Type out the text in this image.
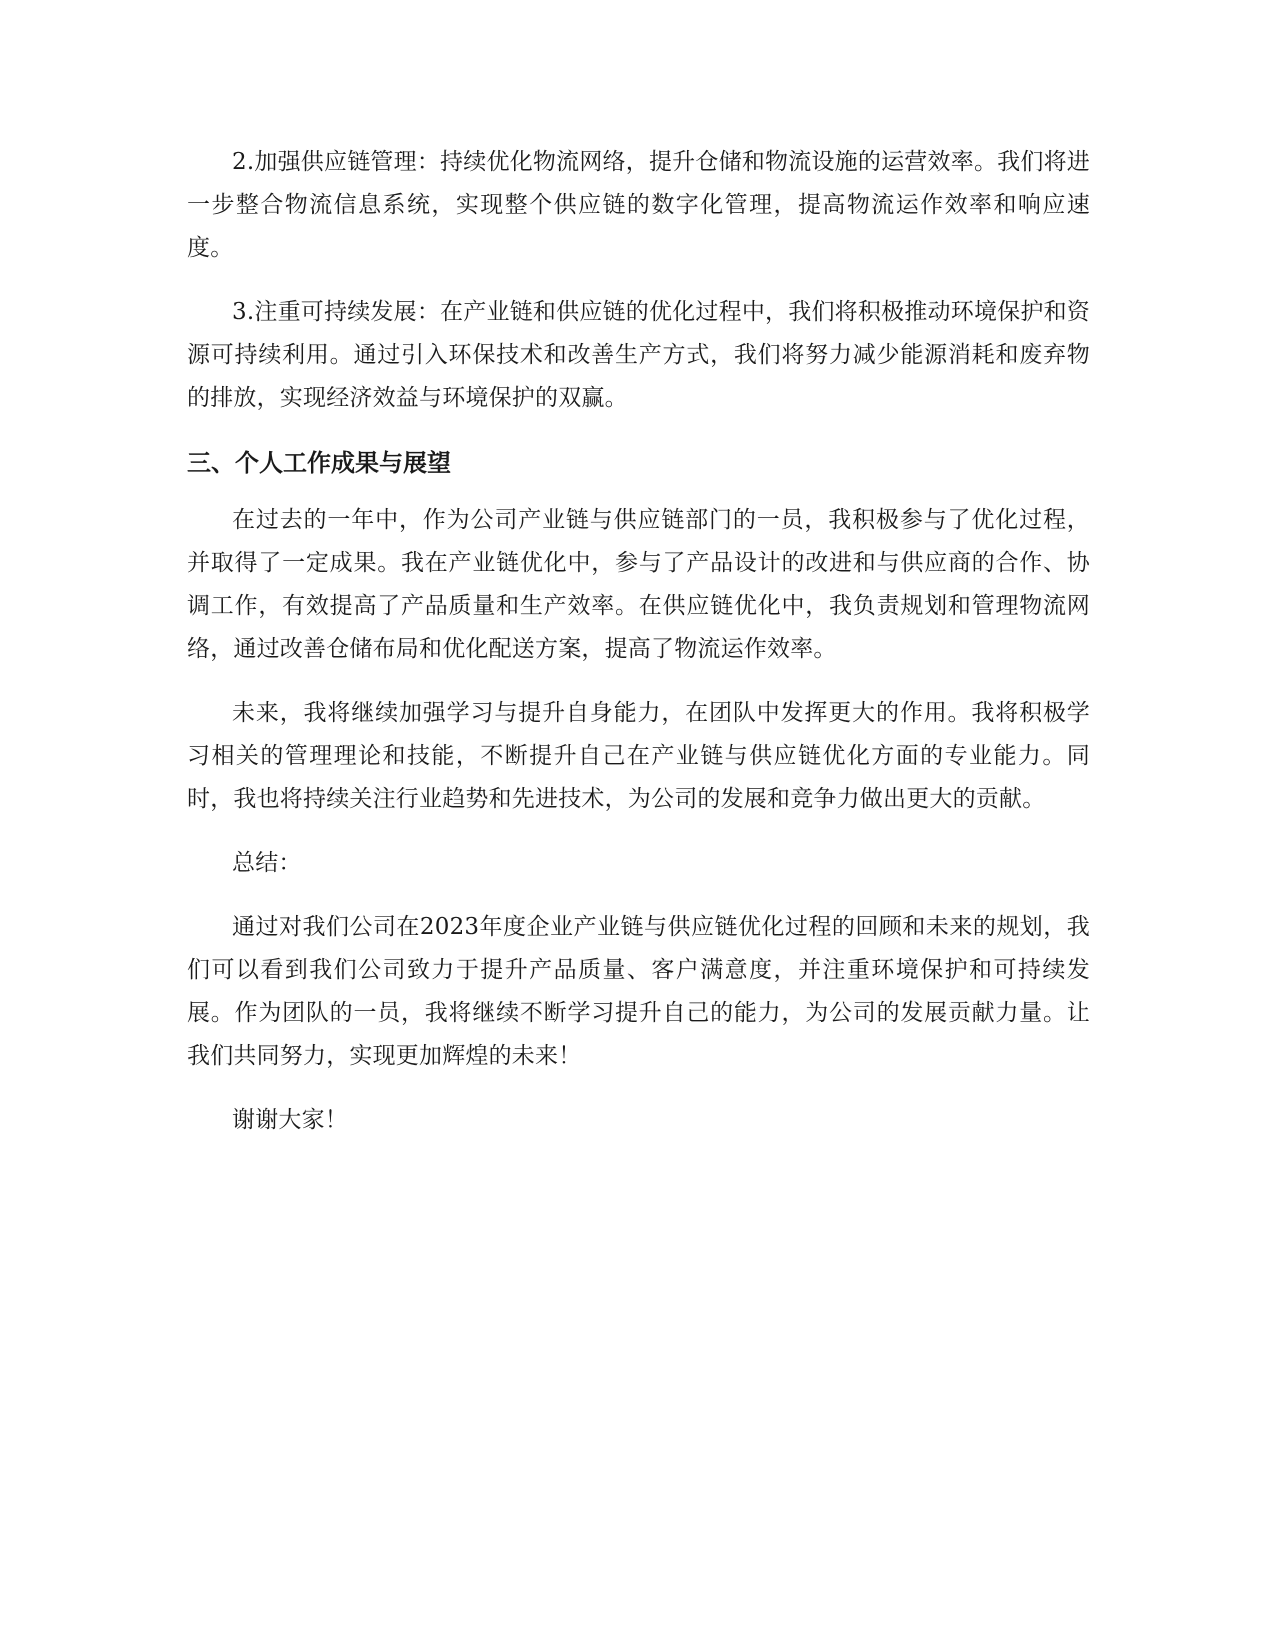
2.加强供应链管理：持续优化物流网络，提升仓储和物流设施的运营效率。我们将进一步整合物流信息系统，实现整个供应链的数字化管理，提高物流运作效率和响应速度。

3.注重可持续发展：在产业链和供应链的优化过程中，我们将积极推动环境保护和资源可持续利用。通过引入环保技术和改善生产方式，我们将努力减少能源消耗和废弃物的排放，实现经济效益与环境保护的双赢。

三、个人工作成果与展望

在过去的一年中，作为公司产业链与供应链部门的一员，我积极参与了优化过程，并取得了一定成果。我在产业链优化中，参与了产品设计的改进和与供应商的合作、协调工作，有效提高了产品质量和生产效率。在供应链优化中，我负责规划和管理物流网络，通过改善仓储布局和优化配送方案，提高了物流运作效率。

未来，我将继续加强学习与提升自身能力，在团队中发挥更大的作用。我将积极学习相关的管理理论和技能，不断提升自己在产业链与供应链优化方面的专业能力。同时，我也将持续关注行业趋势和先进技术，为公司的发展和竞争力做出更大的贡献。

总结：

通过对我们公司在2023年度企业产业链与供应链优化过程的回顾和未来的规划，我们可以看到我们公司致力于提升产品质量、客户满意度，并注重环境保护和可持续发展。作为团队的一员，我将继续不断学习提升自己的能力，为公司的发展贡献力量。让我们共同努力，实现更加辉煌的未来！

谢谢大家！
